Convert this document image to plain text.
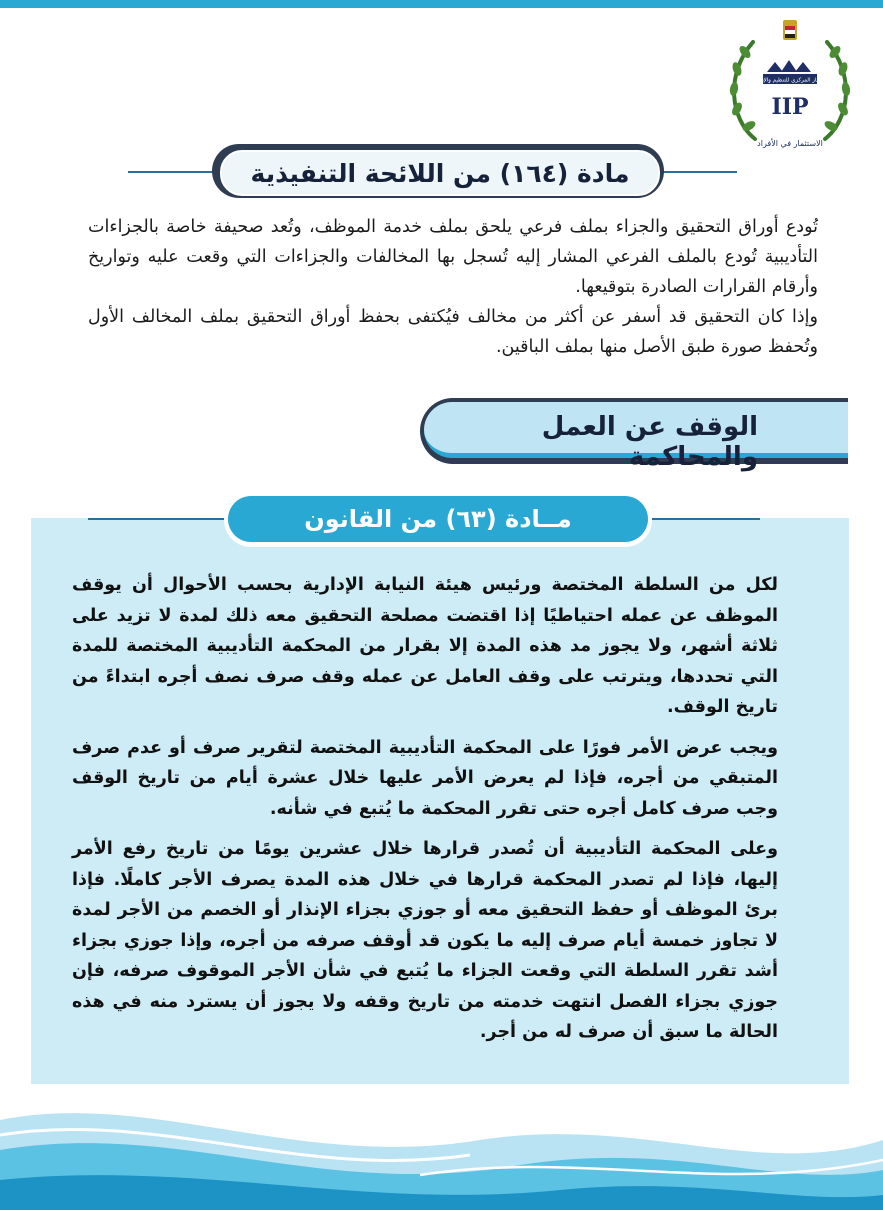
الجهاز المركزي للتنظيم والإدارة
IIP
الاستثمار في الأفراد
مادة (١٦٤) من اللائحة التنفيذية

تُودع أوراق التحقيق والجزاء بملف فرعي يلحق بملف خدمة الموظف، وتُعد صحيفة خاصة بالجزاءات التأديبية تُودع بالملف الفرعي المشار إليه تُسجل بها المخالفات والجزاءات التي وقعت عليه وتواريخ وأرقام القرارات الصادرة بتوقيعها.

وإذا كان التحقيق قد أسفر عن أكثر من مخالف فيُكتفى بحفظ أوراق التحقيق بملف المخالف الأول وتُحفظ صورة طبق الأصل منها بملف الباقين.

الوقف عن العمل والمحاكمة
مــادة (٦٣) من القانون

لكل من السلطة المختصة ورئيس هيئة النيابة الإدارية بحسب الأحوال أن يوقف الموظف عن عمله احتياطيًا إذا اقتضت مصلحة التحقيق معه ذلك لمدة لا تزيد على ثلاثة أشهر، ولا يجوز مد هذه المدة إلا بقرار من المحكمة التأديبية المختصة للمدة التي تحددها، ويترتب على وقف العامل عن عمله وقف صرف نصف أجره ابتداءً من تاريخ الوقف.

ويجب عرض الأمر فورًا على المحكمة التأديبية المختصة لتقرير صرف أو عدم صرف المتبقي من أجره، فإذا لم يعرض الأمر عليها خلال عشرة أيام من تاريخ الوقف وجب صرف كامل أجره حتى تقرر المحكمة ما يُتبع في شأنه.

وعلى المحكمة التأديبية أن تُصدر قرارها خلال عشرين يومًا من تاريخ رفع الأمر إليها، فإذا لم تصدر المحكمة قرارها في خلال هذه المدة يصرف الأجر كاملًا. فإذا برئ الموظف أو حفظ التحقيق معه أو جوزي بجزاء الإنذار أو الخصم من الأجر لمدة لا تجاوز خمسة أيام صرف إليه ما يكون قد أوقف صرفه من أجره، وإذا جوزي بجزاء أشد تقرر السلطة التي وقعت الجزاء ما يُتبع في شأن الأجر الموقوف صرفه، فإن جوزي بجزاء الفصل انتهت خدمته من تاريخ وقفه ولا يجوز أن يسترد منه في هذه الحالة ما سبق أن صرف له من أجر.
